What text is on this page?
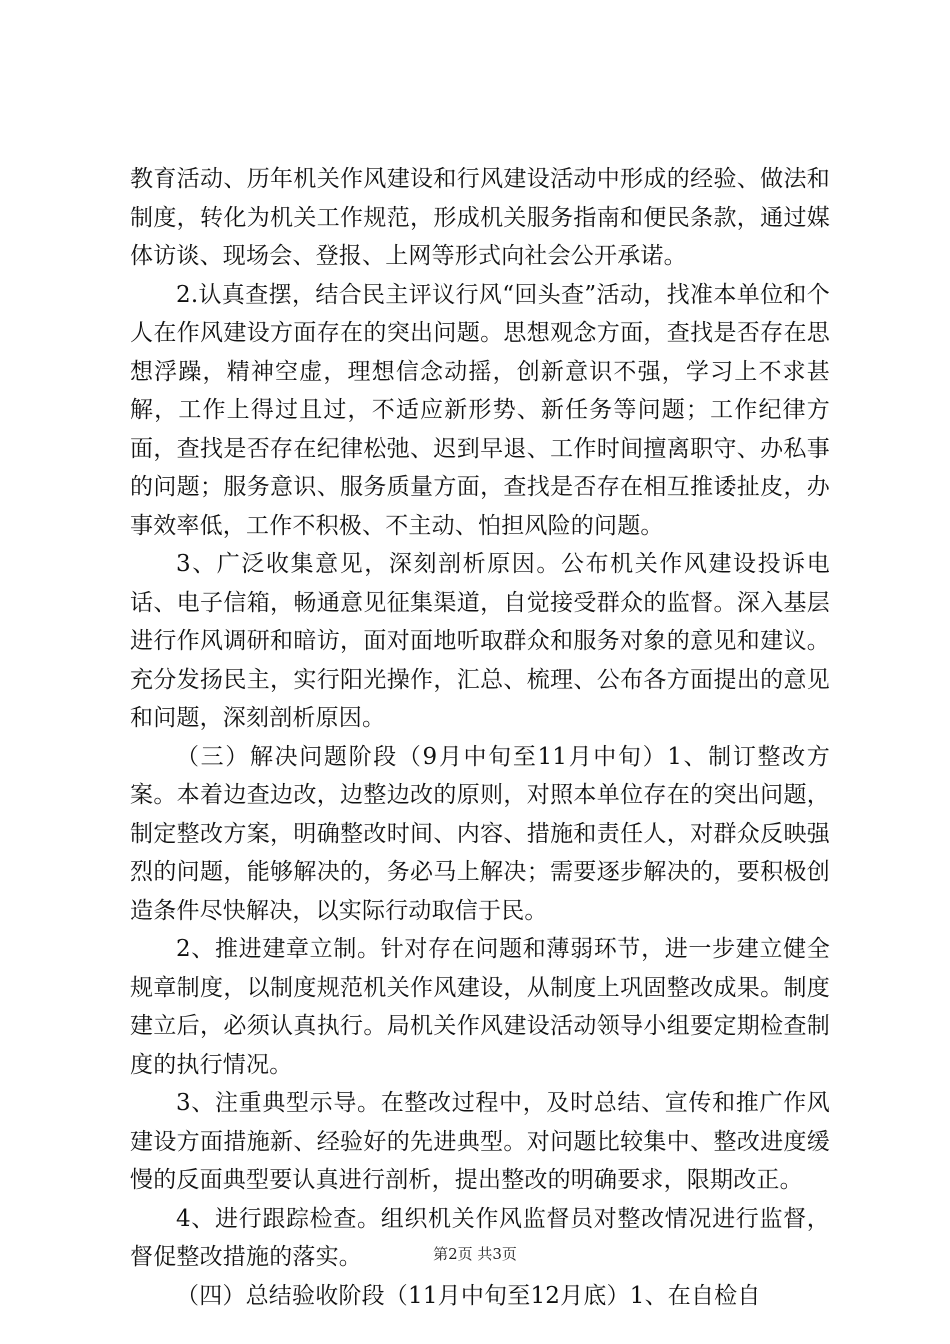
教育活动、历年机关作风建设和行风建设活动中形成的经验、做法和制度，转化为机关工作规范，形成机关服务指南和便民条款，通过媒体访谈、现场会、登报、上网等形式向社会公开承诺。

2.认真查摆，结合民主评议行风“回头查”活动，找准本单位和个人在作风建设方面存在的突出问题。思想观念方面，查找是否存在思想浮躁，精神空虚，理想信念动摇，创新意识不强，学习上不求甚解，工作上得过且过，不适应新形势、新任务等问题；工作纪律方面，查找是否存在纪律松弛、迟到早退、工作时间擅离职守、办私事的问题；服务意识、服务质量方面，查找是否存在相互推诿扯皮，办事效率低，工作不积极、不主动、怕担风险的问题。

3、广泛收集意见，深刻剖析原因。公布机关作风建设投诉电话、电子信箱，畅通意见征集渠道，自觉接受群众的监督。深入基层进行作风调研和暗访，面对面地听取群众和服务对象的意见和建议。充分发扬民主，实行阳光操作，汇总、梳理、公布各方面提出的意见和问题，深刻剖析原因。

（三）解决问题阶段（9月中旬至11月中旬）1、制订整改方案。本着边查边改，边整边改的原则，对照本单位存在的突出问题，制定整改方案，明确整改时间、内容、措施和责任人，对群众反映强烈的问题，能够解决的，务必马上解决；需要逐步解决的，要积极创造条件尽快解决，以实际行动取信于民。

2、推进建章立制。针对存在问题和薄弱环节，进一步建立健全规章制度，以制度规范机关作风建设，从制度上巩固整改成果。制度建立后，必须认真执行。局机关作风建设活动领导小组要定期检查制度的执行情况。

3、注重典型示导。在整改过程中，及时总结、宣传和推广作风建设方面措施新、经验好的先进典型。对问题比较集中、整改进度缓慢的反面典型要认真进行剖析，提出整改的明确要求，限期改正。

4、进行跟踪检查。组织机关作风监督员对整改情况进行监督，督促整改措施的落实。

（四）总结验收阶段（11月中旬至12月底）1、在自检自

第2页 共3页
